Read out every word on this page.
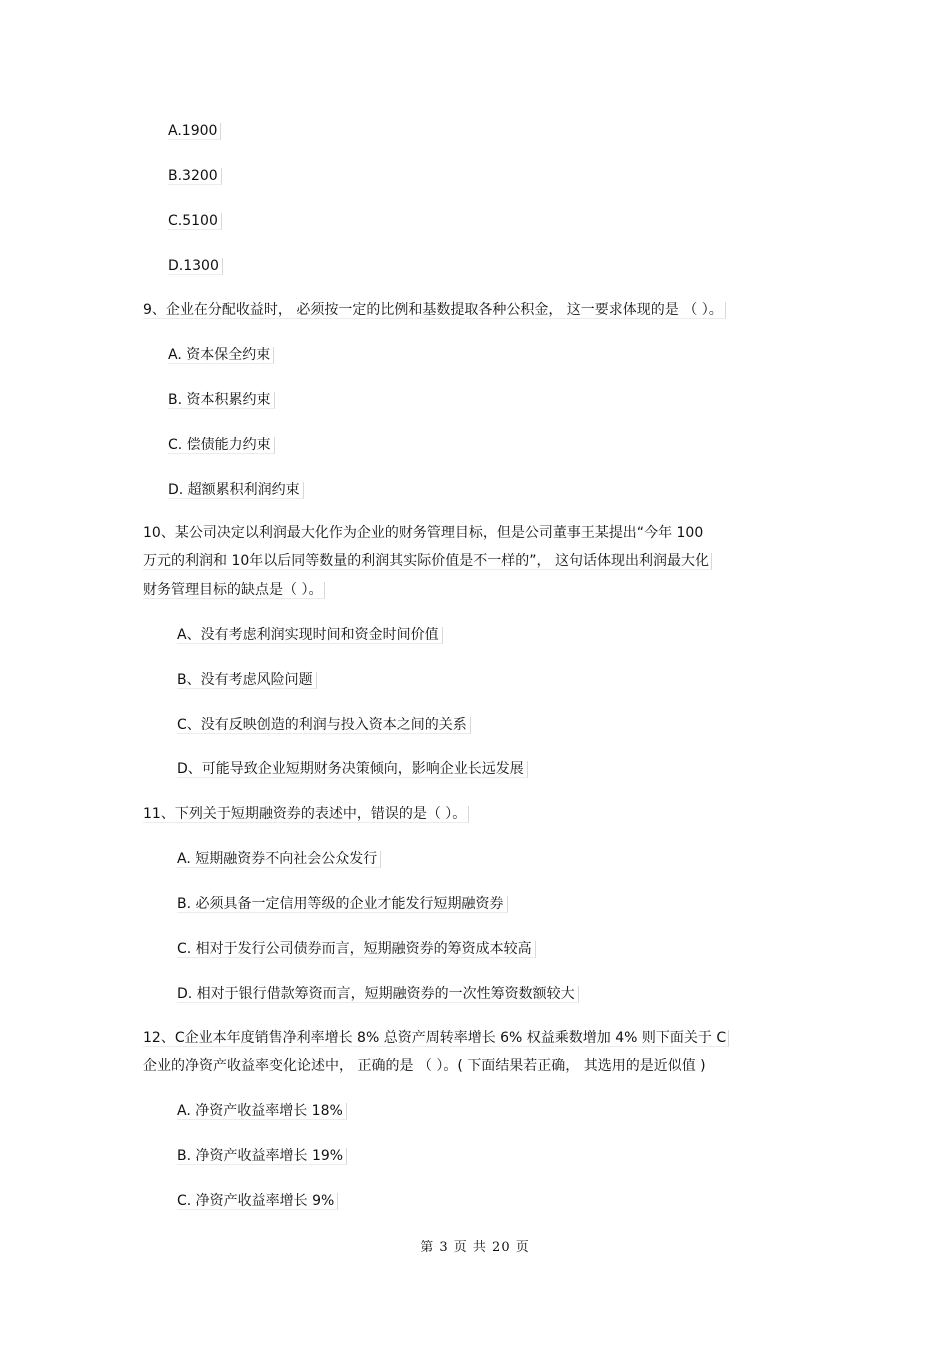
A.1900
B.3200
C.5100
D.1300
9、企业在分配收益时， 必须按一定的比例和基数提取各种公积金， 这一要求体现的是 （ ）。
A. 资本保全约束
B. 资本积累约束
C. 偿债能力约束
D. 超额累积利润约束
10、某公司决定以利润最大化作为企业的财务管理目标，但是公司董事王某提出“今年 100
万元的利润和 10年以后同等数量的利润其实际价值是不一样的”， 这句话体现出利润最大化
财务管理目标的缺点是（ ）。
A、没有考虑利润实现时间和资金时间价值
B、没有考虑风险问题
C、没有反映创造的利润与投入资本之间的关系
D、可能导致企业短期财务决策倾向，影响企业长远发展
11、下列关于短期融资券的表述中，错误的是（ ）。
A. 短期融资券不向社会公众发行
B. 必须具备一定信用等级的企业才能发行短期融资券
C. 相对于发行公司债券而言，短期融资券的筹资成本较高
D. 相对于银行借款筹资而言，短期融资券的一次性筹资数额较大
12、C企业本年度销售净利率增长 8% 总资产周转率增长 6% 权益乘数增加 4% 则下面关于 C
企业的净资产收益率变化论述中， 正确的是 （ ）。( 下面结果若正确， 其选用的是近似值 )
A. 净资产收益率增长 18%
B. 净资产收益率增长 19%
C. 净资产收益率增长 9%
第 3 页 共 20 页
